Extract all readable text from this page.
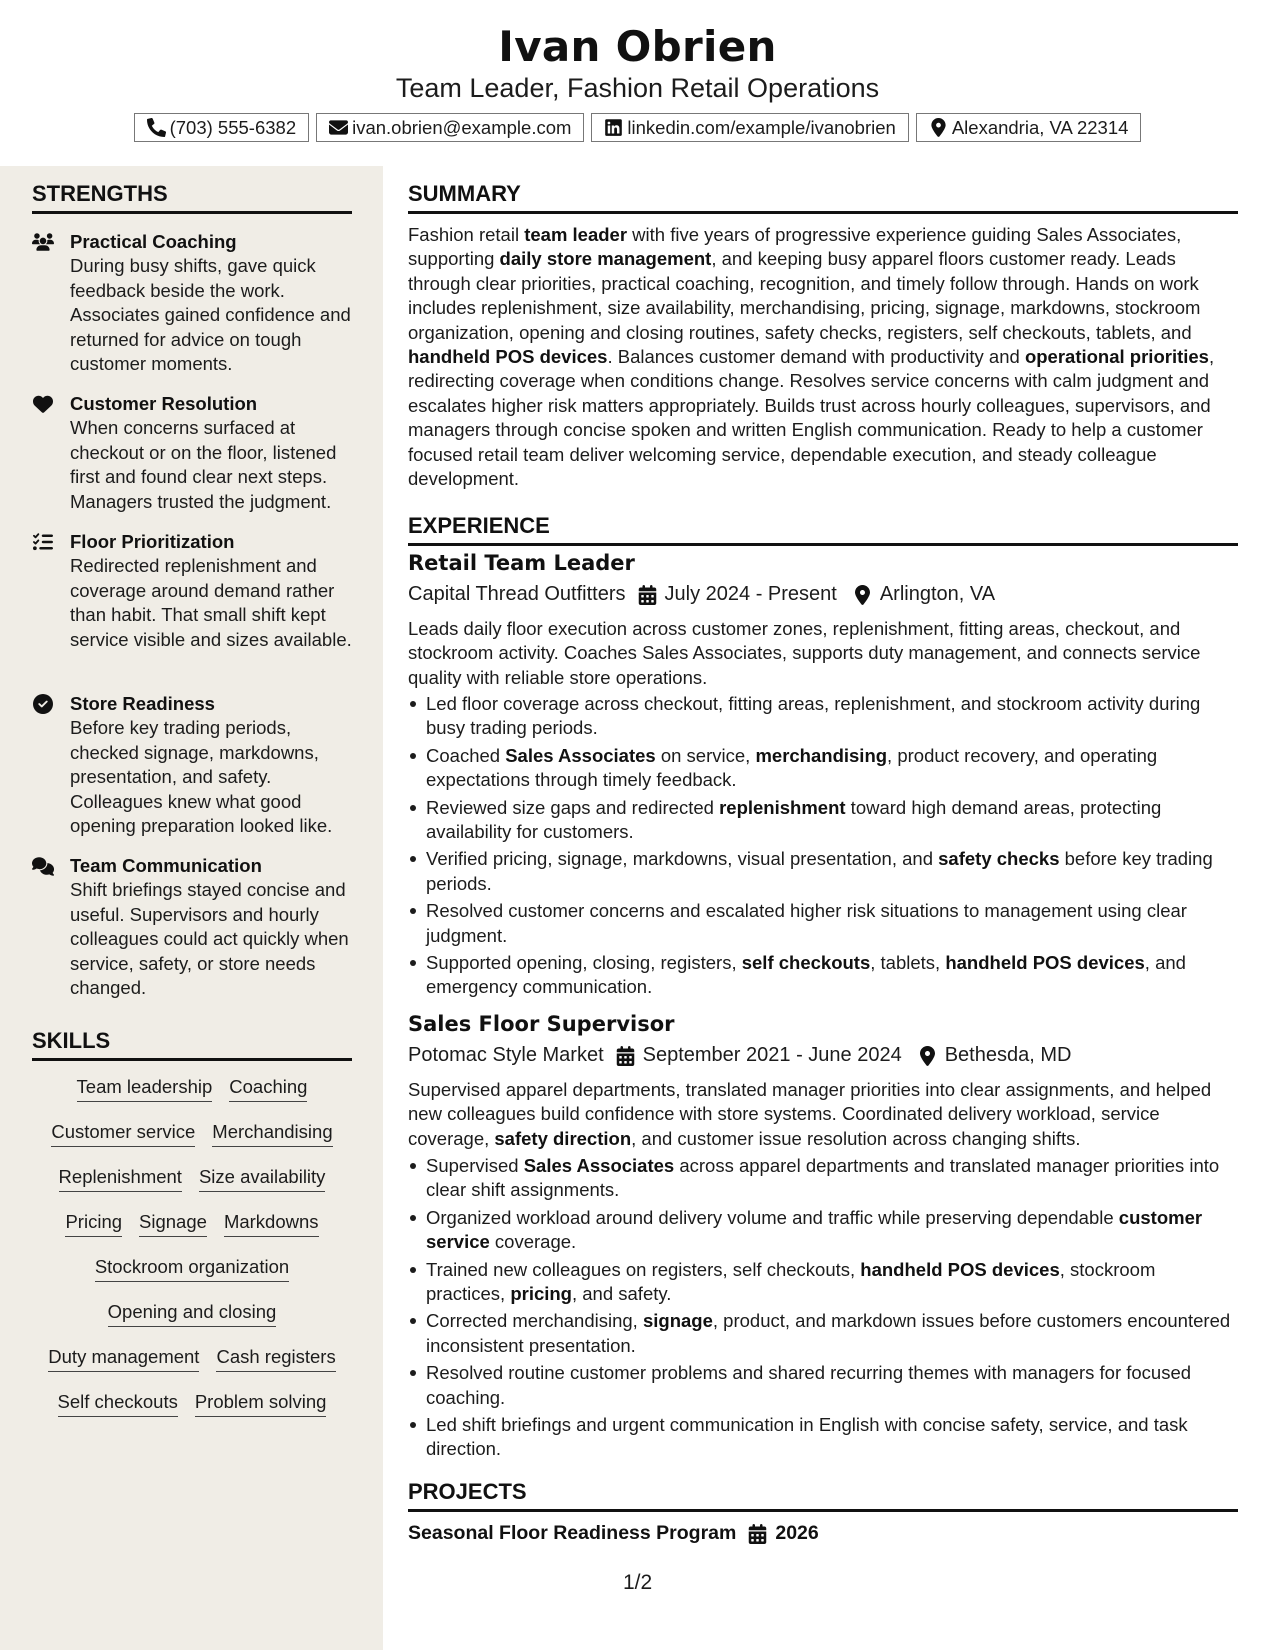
Ivan Obrien
Team Leader, Fashion Retail Operations
(703) 555-6382	ivan.obrien@example.com	linkedin.com/example/ivanobrien	Alexandria, VA 22314
STRENGTHS
Practical Coaching
During busy shifts, gave quick feedback beside the work. Associates gained confidence and returned for advice on tough customer moments.
Customer Resolution
When concerns surfaced at checkout or on the floor, listened first and found clear next steps. Managers trusted the judgment.
Floor Prioritization
Redirected replenishment and coverage around demand rather than habit. That small shift kept service visible and sizes available.
Store Readiness
Before key trading periods, checked signage, markdowns, presentation, and safety. Colleagues knew what good opening preparation looked like.
Team Communication
Shift briefings stayed concise and useful. Supervisors and hourly colleagues could act quickly when service, safety, or store needs changed.
SKILLS
Team leadership Coaching
Customer service Merchandising
Replenishment Size availability
Pricing Signage Markdowns
Stockroom organization
Opening and closing
Duty management Cash registers
Self checkouts Problem solving
SUMMARY
Fashion retail team leader with five years of progressive experience guiding Sales Associates, supporting daily store management, and keeping busy apparel floors customer ready. Leads through clear priorities, practical coaching, recognition, and timely follow through. Hands on work includes replenishment, size availability, merchandising, pricing, signage, markdowns, stockroom organization, opening and closing routines, safety checks, registers, self checkouts, tablets, and handheld POS devices. Balances customer demand with productivity and operational priorities, redirecting coverage when conditions change. Resolves service concerns with calm judgment and escalates higher risk matters appropriately. Builds trust across hourly colleagues, supervisors, and managers through concise spoken and written English communication. Ready to help a customer focused retail team deliver welcoming service, dependable execution, and steady colleague development.
EXPERIENCE
Retail Team Leader
Capital Thread Outfitters July 2024 - Present Arlington, VA
Leads daily floor execution across customer zones, replenishment, fitting areas, checkout, and stockroom activity. Coaches Sales Associates, supports duty management, and connects service quality with reliable store operations.
Led floor coverage across checkout, fitting areas, replenishment, and stockroom activity during busy trading periods.
Coached Sales Associates on service, merchandising, product recovery, and operating expectations through timely feedback.
Reviewed size gaps and redirected replenishment toward high demand areas, protecting availability for customers.
Verified pricing, signage, markdowns, visual presentation, and safety checks before key trading periods.
Resolved customer concerns and escalated higher risk situations to management using clear judgment.
Supported opening, closing, registers, self checkouts, tablets, handheld POS devices, and emergency communication.
Sales Floor Supervisor
Potomac Style Market September 2021 - June 2024 Bethesda, MD
Supervised apparel departments, translated manager priorities into clear assignments, and helped new colleagues build confidence with store systems. Coordinated delivery workload, service coverage, safety direction, and customer issue resolution across changing shifts.
Supervised Sales Associates across apparel departments and translated manager priorities into clear shift assignments.
Organized workload around delivery volume and traffic while preserving dependable customer service coverage.
Trained new colleagues on registers, self checkouts, handheld POS devices, stockroom practices, pricing, and safety.
Corrected merchandising, signage, product, and markdown issues before customers encountered inconsistent presentation.
Resolved routine customer problems and shared recurring themes with managers for focused coaching.
Led shift briefings and urgent communication in English with concise safety, service, and task direction.
PROJECTS
Seasonal Floor Readiness Program 2026
1/2
